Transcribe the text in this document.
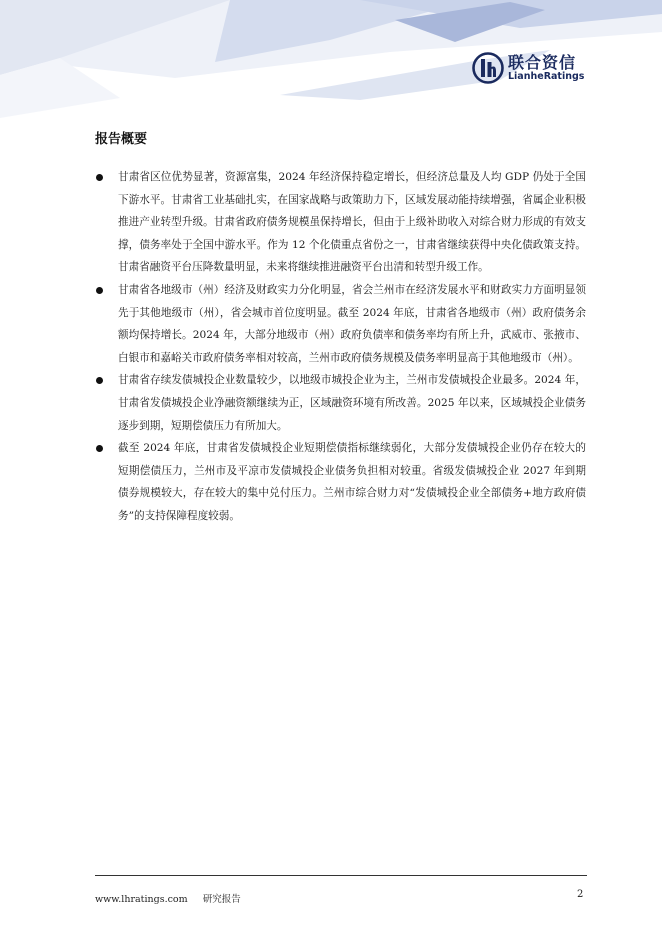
联合资信
LianheRatings
报告概要
甘肃省区位优势显著，资源富集，2024 年经济保持稳定增长，但经济总量及人均 GDP 仍处于全国下游水平。甘肃省工业基础扎实，在国家战略与政策助力下，区域发展动能持续增强，省属企业积极推进产业转型升级。甘肃省政府债务规模虽保持增长，但由于上级补助收入对综合财力形成的有效支撑，债务率处于全国中游水平。作为 12 个化债重点省份之一，甘肃省继续获得中央化债政策支持。甘肃省融资平台压降数量明显，未来将继续推进融资平台出清和转型升级工作。
甘肃省各地级市（州）经济及财政实力分化明显，省会兰州市在经济发展水平和财政实力方面明显领先于其他地级市（州），省会城市首位度明显。截至 2024 年底，甘肃省各地级市（州）政府债务余额均保持增长。2024 年，大部分地级市（州）政府负债率和债务率均有所上升，武威市、张掖市、白银市和嘉峪关市政府债务率相对较高，兰州市政府债务规模及债务率明显高于其他地级市（州）。
甘肃省存续发债城投企业数量较少，以地级市城投企业为主，兰州市发债城投企业最多。2024 年，甘肃省发债城投企业净融资额继续为正，区域融资环境有所改善。2025 年以来，区域城投企业债务逐步到期，短期偿债压力有所加大。
截至 2024 年底，甘肃省发债城投企业短期偿债指标继续弱化，大部分发债城投企业仍存在较大的短期偿债压力，兰州市及平凉市发债城投企业债务负担相对较重。省级发债城投企业 2027 年到期债券规模较大，存在较大的集中兑付压力。兰州市综合财力对“发债城投企业全部债务+地方政府债务”的支持保障程度较弱。
www.lhratings.com 研究报告	2
